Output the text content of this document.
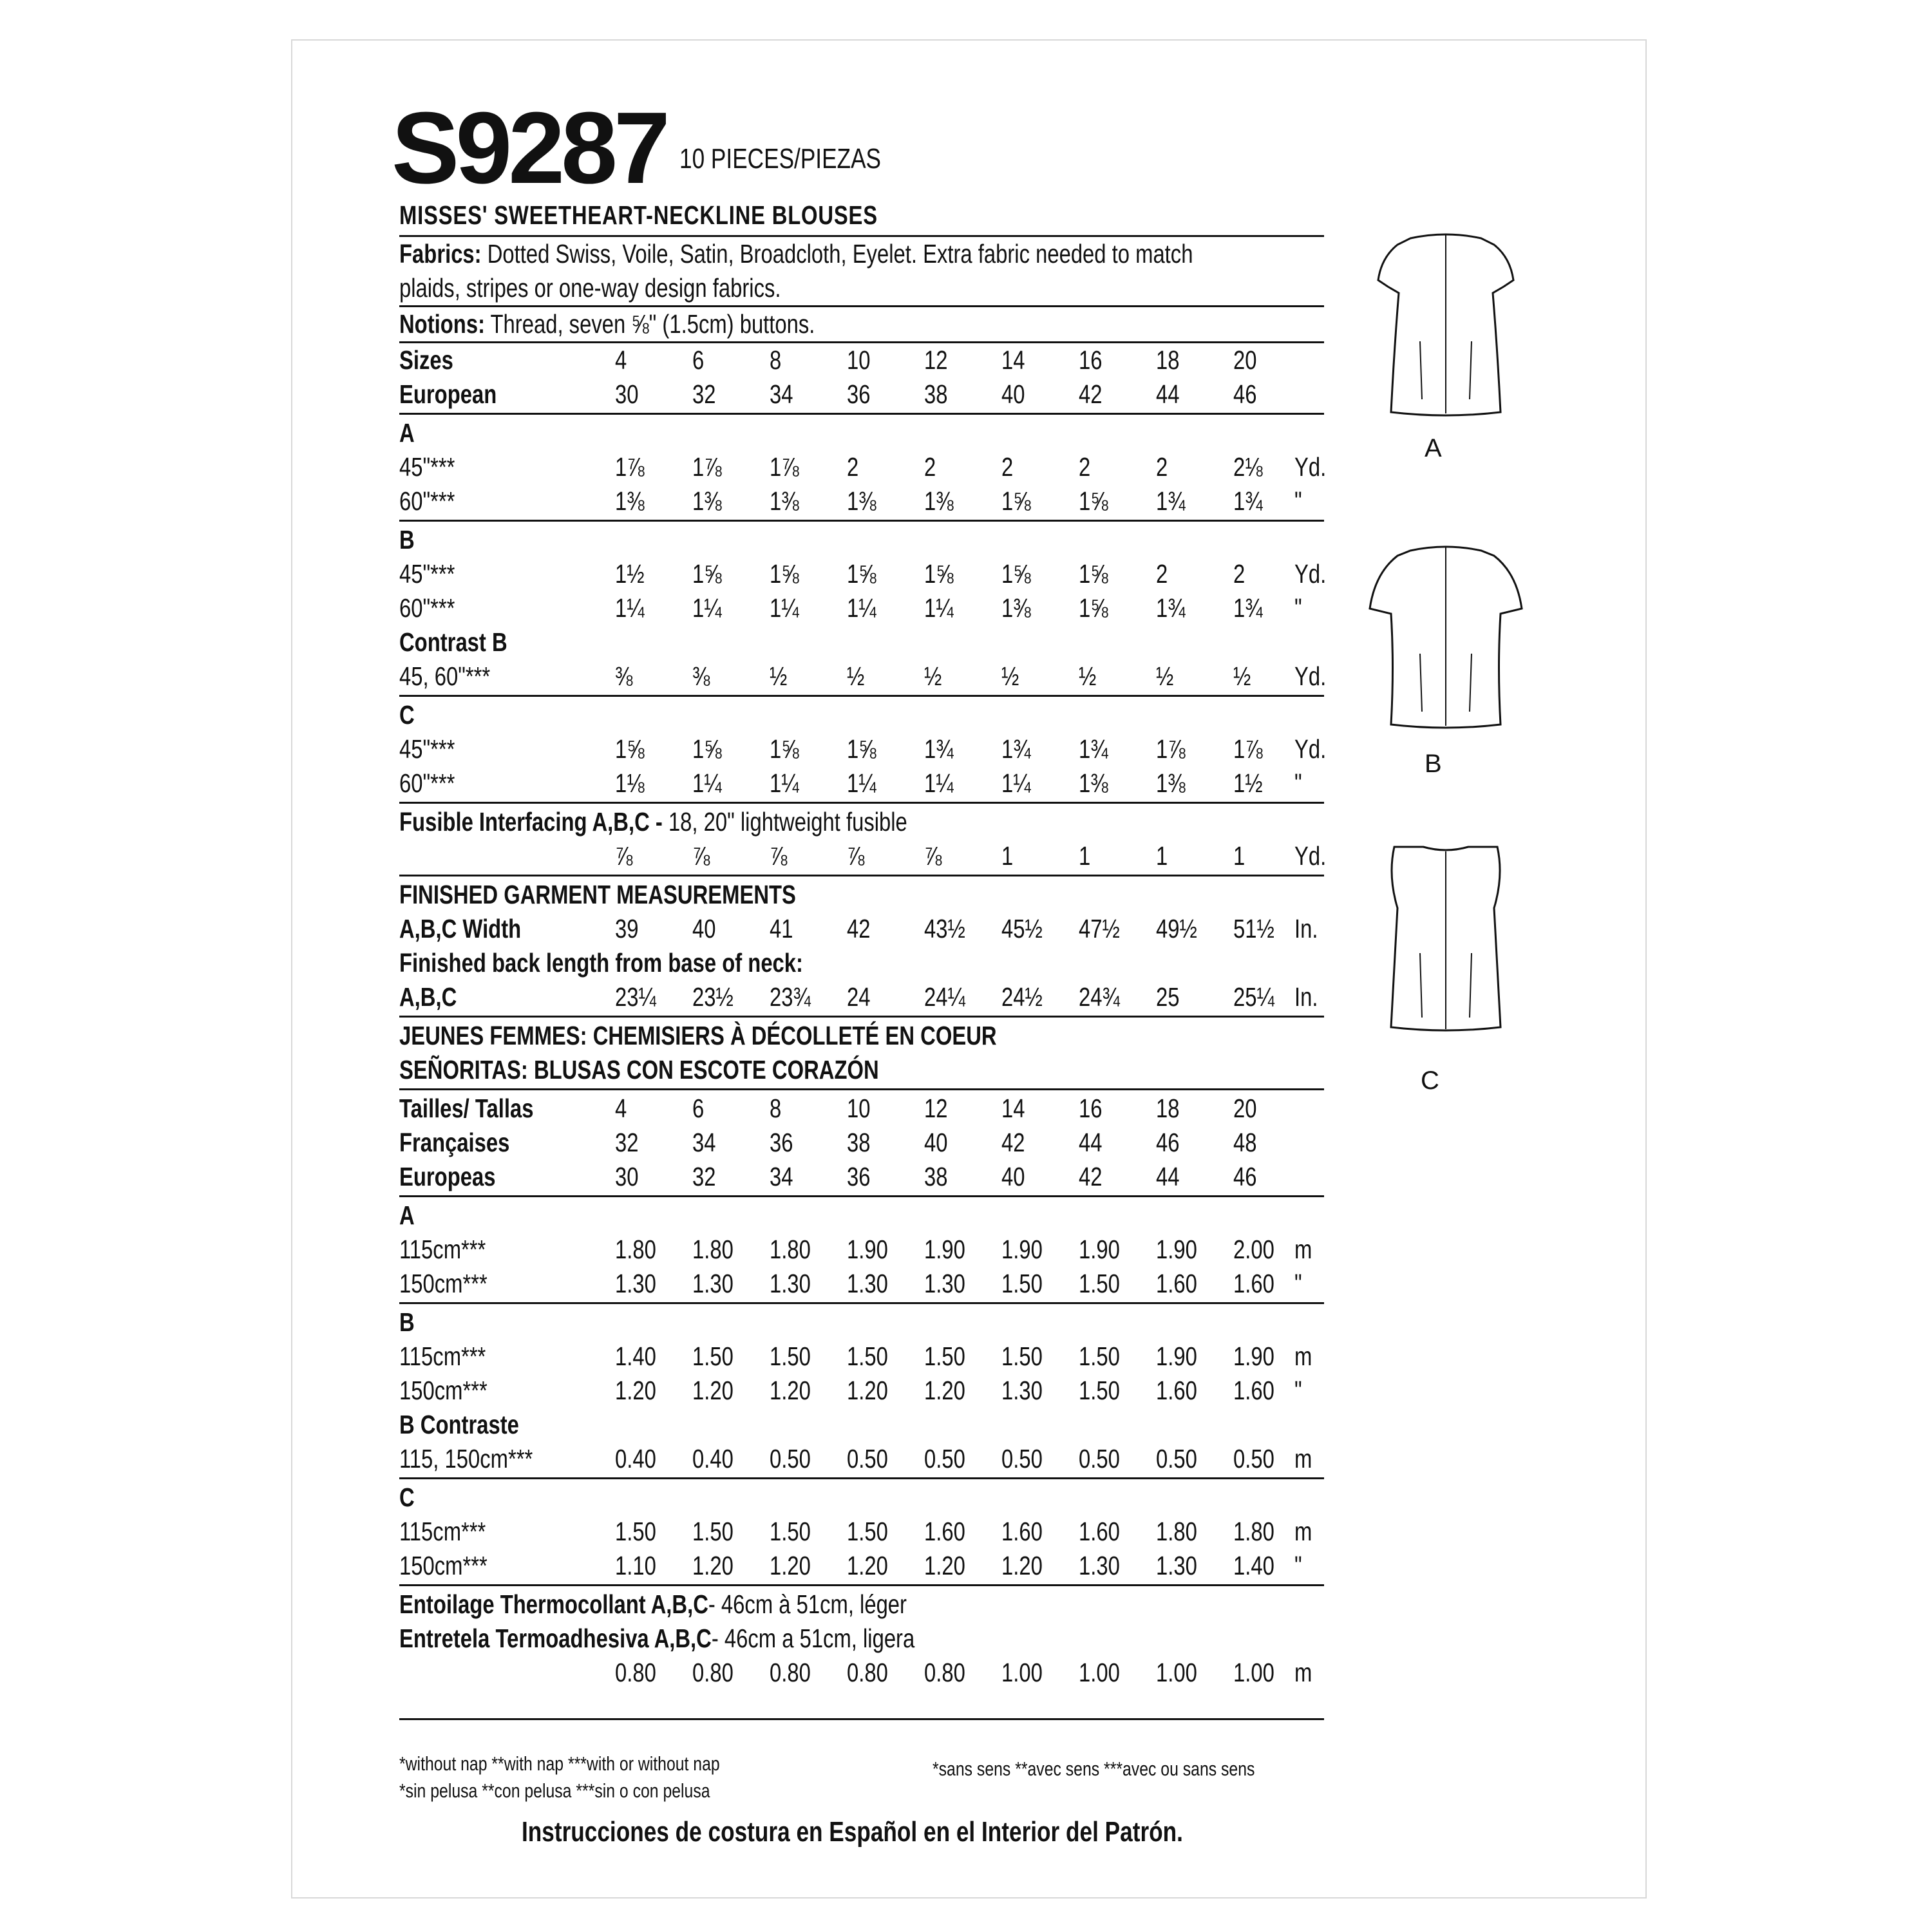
S9287 10 PIECES/PIEZAS
MISSES' SWEETHEART-NECKLINE BLOUSES
Fabrics: Dotted Swiss, Voile, Satin, Broadcloth, Eyelet. Extra fabric needed to match
plaids, stripes or one-way design fabrics.
Notions: Thread, seven ⅝" (1.5cm) buttons.
Sizes	4 6 8 10 12 14 16 18 20
European	30 32 34 36 38 40 42 44 46
A
45"***	1⅞ 1⅞ 1⅞ 2 2 2 2 2 2⅛ Yd.
60"***	1⅜ 1⅜ 1⅜ 1⅜ 1⅜ 1⅝ 1⅝ 1¾ 1¾ "
B
45"***	1½ 1⅝ 1⅝ 1⅝ 1⅝ 1⅝ 1⅝ 2 2 Yd.
60"***	1¼ 1¼ 1¼ 1¼ 1¼ 1⅜ 1⅝ 1¾ 1¾ "
Contrast B
45, 60"***	⅜ ⅜ ½ ½ ½ ½ ½ ½ ½ Yd.
C
45"***	1⅝ 1⅝ 1⅝ 1⅝ 1¾ 1¾ 1¾ 1⅞ 1⅞ Yd.
60"***	1⅛ 1¼ 1¼ 1¼ 1¼ 1¼ 1⅜ 1⅜ 1½ "
Fusible Interfacing A,B,C - 18, 20" lightweight fusible
⅞ ⅞ ⅞ ⅞ ⅞ 1 1 1 1 Yd.
FINISHED GARMENT MEASUREMENTS
A,B,C Width	39 40 41 42 43½ 45½ 47½ 49½ 51½ In.
Finished back length from base of neck:
A,B,C	23¼ 23½ 23¾ 24 24¼ 24½ 24¾ 25 25¼ In.
JEUNES FEMMES: CHEMISIERS À DÉCOLLETÉ EN COEUR
SEÑORITAS: BLUSAS CON ESCOTE CORAZÓN
Tailles/ Tallas	4 6 8 10 12 14 16 18 20
Françaises	32 34 36 38 40 42 44 46 48
Europeas	30 32 34 36 38 40 42 44 46
A
115cm***	1.80 1.80 1.80 1.90 1.90 1.90 1.90 1.90 2.00 m
150cm***	1.30 1.30 1.30 1.30 1.30 1.50 1.50 1.60 1.60 "
B
115cm***	1.40 1.50 1.50 1.50 1.50 1.50 1.50 1.90 1.90 m
150cm***	1.20 1.20 1.20 1.20 1.20 1.30 1.50 1.60 1.60 "
B Contraste
115, 150cm***	0.40 0.40 0.50 0.50 0.50 0.50 0.50 0.50 0.50 m
C
115cm***	1.50 1.50 1.50 1.50 1.60 1.60 1.60 1.80 1.80 m
150cm***	1.10 1.20 1.20 1.20 1.20 1.20 1.30 1.30 1.40 "
Entoilage Thermocollant A,B,C- 46cm à 51cm, léger
Entretela Termoadhesiva A,B,C- 46cm a 51cm, ligera
0.80 0.80 0.80 0.80 0.80 1.00 1.00 1.00 1.00 m
*without nap **with nap ***with or without nap
*sin pelusa **con pelusa ***sin o con pelusa
*sans sens **avec sens ***avec ou sans sens
Instrucciones de costura en Español en el Interior del Patrón.
A
B
C
